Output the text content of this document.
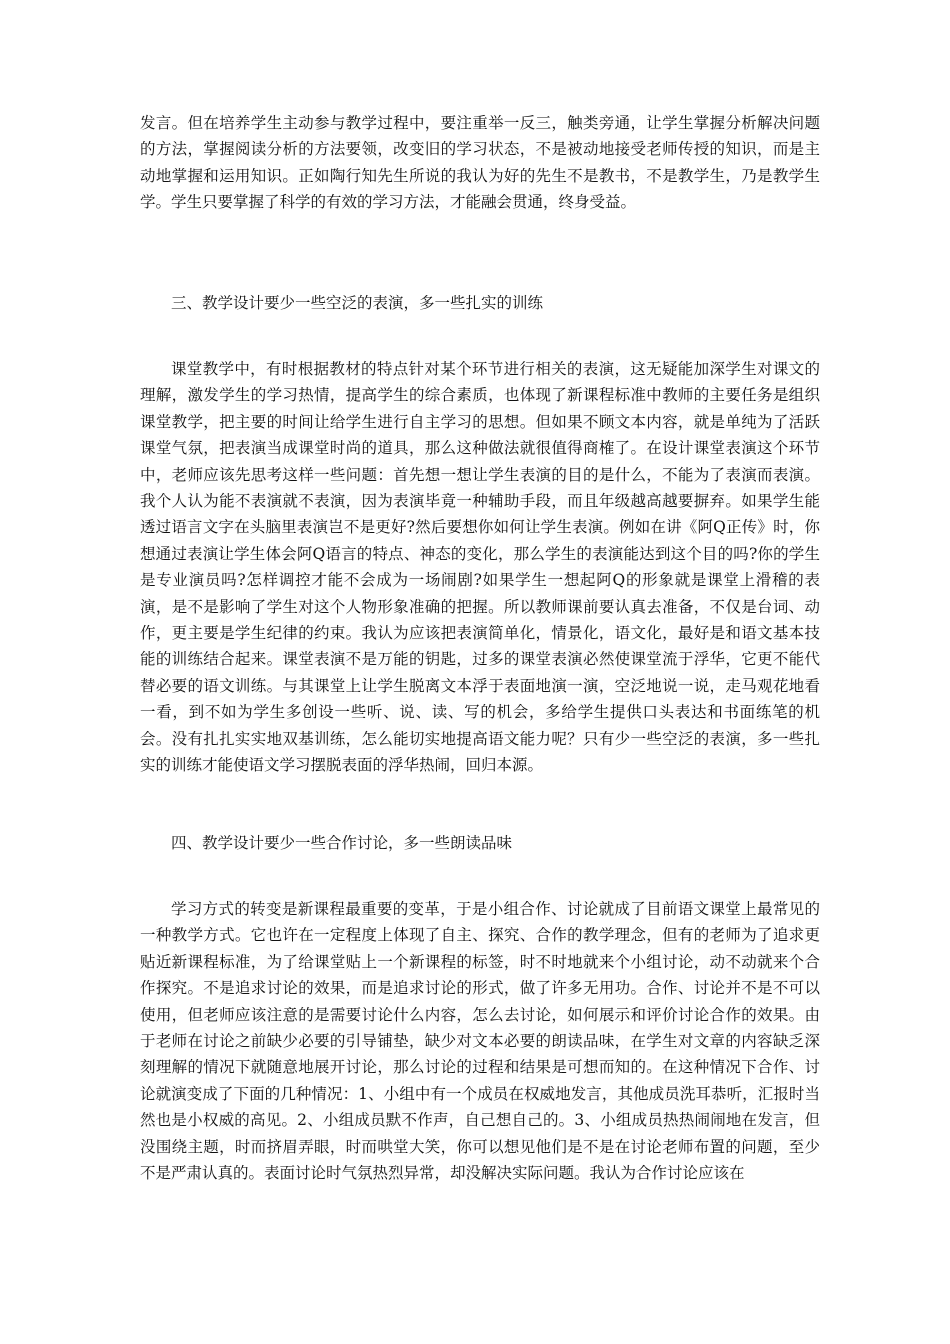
发言。但在培养学生主动参与教学过程中，要注重举一反三，触类旁通，让学生掌握分析解决问题的方法，掌握阅读分析的方法要领，改变旧的学习状态，不是被动地接受老师传授的知识，而是主动地掌握和运用知识。正如陶行知先生所说的我认为好的先生不是教书，不是教学生，乃是教学生学。学生只要掌握了科学的有效的学习方法，才能融会贯通，终身受益。

三、教学设计要少一些空泛的表演，多一些扎实的训练

课堂教学中，有时根据教材的特点针对某个环节进行相关的表演，这无疑能加深学生对课文的理解，激发学生的学习热情，提高学生的综合素质，也体现了新课程标准中教师的主要任务是组织课堂教学，把主要的时间让给学生进行自主学习的思想。但如果不顾文本内容，就是单纯为了活跃课堂气氛，把表演当成课堂时尚的道具，那么这种做法就很值得商榷了。在设计课堂表演这个环节中，老师应该先思考这样一些问题：首先想一想让学生表演的目的是什么，不能为了表演而表演。我个人认为能不表演就不表演，因为表演毕竟一种辅助手段，而且年级越高越要摒弃。如果学生能透过语言文字在头脑里表演岂不是更好?然后要想你如何让学生表演。例如在讲《阿Q正传》时，你想通过表演让学生体会阿Q语言的特点、神态的变化，那么学生的表演能达到这个目的吗?你的学生是专业演员吗?怎样调控才能不会成为一场闹剧?如果学生一想起阿Q的形象就是课堂上滑稽的表演，是不是影响了学生对这个人物形象准确的把握。所以教师课前要认真去准备，不仅是台词、动作，更主要是学生纪律的约束。我认为应该把表演简单化，情景化，语文化，最好是和语文基本技能的训练结合起来。课堂表演不是万能的钥匙，过多的课堂表演必然使课堂流于浮华，它更不能代替必要的语文训练。与其课堂上让学生脱离文本浮于表面地演一演，空泛地说一说，走马观花地看一看，到不如为学生多创设一些听、说、读、写的机会，多给学生提供口头表达和书面练笔的机会。没有扎扎实实地双基训练，怎么能切实地提高语文能力呢？只有少一些空泛的表演，多一些扎实的训练才能使语文学习摆脱表面的浮华热闹，回归本源。

四、教学设计要少一些合作讨论，多一些朗读品味

学习方式的转变是新课程最重要的变革，于是小组合作、讨论就成了目前语文课堂上最常见的一种教学方式。它也许在一定程度上体现了自主、探究、合作的教学理念，但有的老师为了追求更贴近新课程标准，为了给课堂贴上一个新课程的标签，时不时地就来个小组讨论，动不动就来个合作探究。不是追求讨论的效果，而是追求讨论的形式，做了许多无用功。合作、讨论并不是不可以使用，但老师应该注意的是需要讨论什么内容，怎么去讨论，如何展示和评价讨论合作的效果。由于老师在讨论之前缺少必要的引导铺垫，缺少对文本必要的朗读品味，在学生对文章的内容缺乏深刻理解的情况下就随意地展开讨论，那么讨论的过程和结果是可想而知的。在这种情况下合作、讨论就演变成了下面的几种情况：1、小组中有一个成员在权威地发言，其他成员洗耳恭听，汇报时当然也是小权威的高见。2、小组成员默不作声，自己想自己的。3、小组成员热热闹闹地在发言，但没围绕主题，时而挤眉弄眼，时而哄堂大笑，你可以想见他们是不是在讨论老师布置的问题，至少不是严肃认真的。表面讨论时气氛热烈异常，却没解决实际问题。我认为合作讨论应该在
